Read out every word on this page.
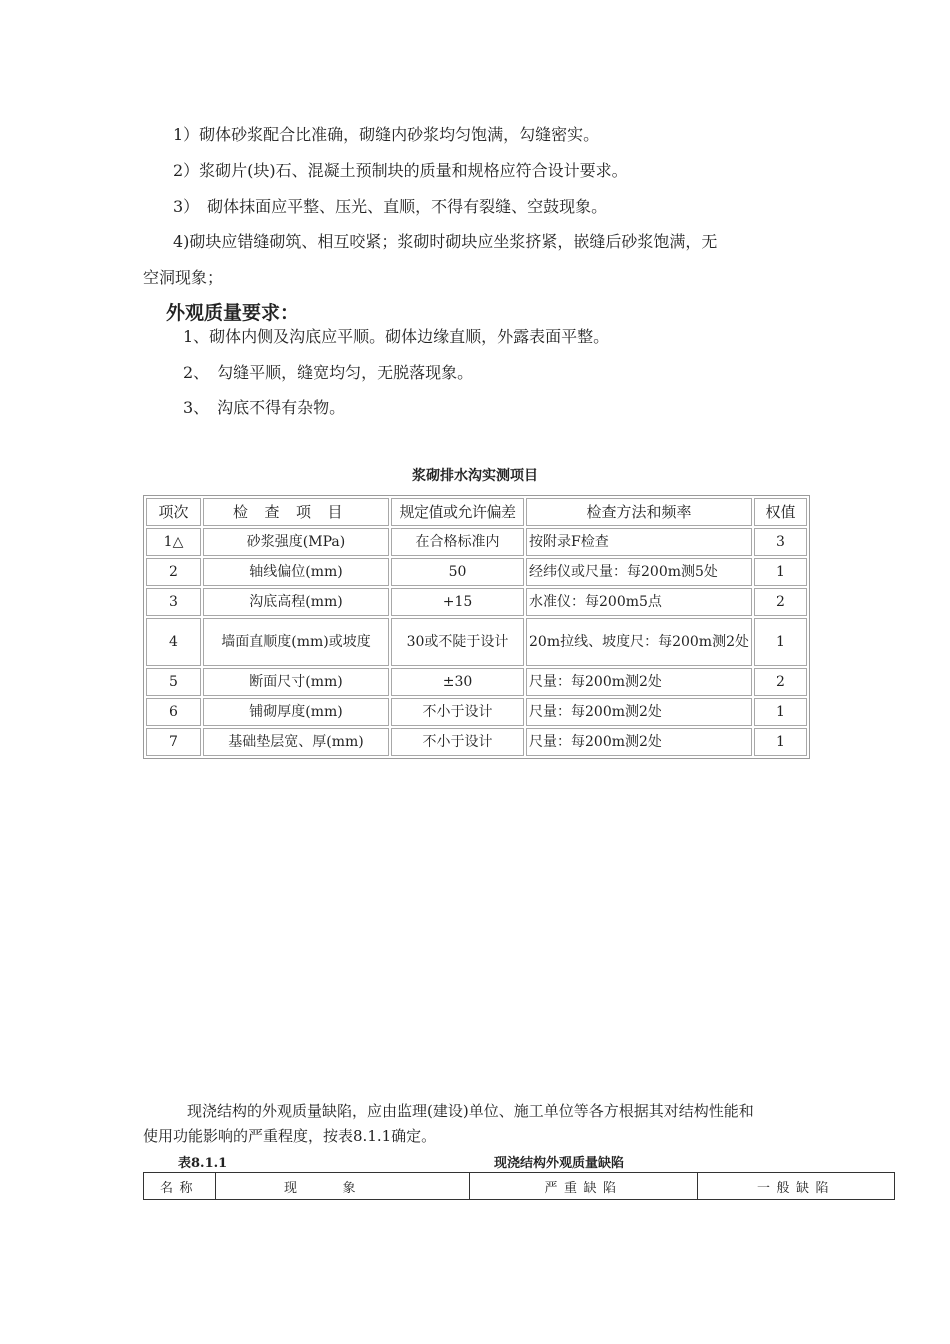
1）砌体砂浆配合比准确，砌缝内砂浆均匀饱满，勾缝密实。
2）浆砌片(块)石、混凝土预制块的质量和规格应符合设计要求。
3）　砌体抹面应平整、压光、直顺，不得有裂缝、空鼓现象。
4)砌块应错缝砌筑、相互咬紧；浆砌时砌块应坐浆挤紧，嵌缝后砂浆饱满，无
空洞现象；
外观质量要求：
1、砌体内侧及沟底应平顺。砌体边缘直顺，外露表面平整。
2、　勾缝平顺，缝宽均匀，无脱落现象。
3、　沟底不得有杂物。
浆砌排水沟实测项目
项次	检查项目	规定值或允许偏差	检查方法和频率	权值
1△	砂浆强度(MPa)	在合格标准内	按附录F检查	3
2	轴线偏位(mm)	50	经纬仪或尺量：每200m测5处	1
3	沟底高程(mm)	+15	水准仪：每200m5点	2
4	墙面直顺度(mm)或坡度	30或不陡于设计	20m拉线、坡度尺：每200m测2处	1
5	断面尺寸(mm)	±30	尺量：每200m测2处	2
6	铺砌厚度(mm)	不小于设计	尺量：每200m测2处	1
7	基础垫层宽、厚(mm)	不小于设计	尺量：每200m测2处	1
现浇结构的外观质量缺陷，应由监理(建设)单位、施工单位等各方根据其对结构性能和
使用功能影响的严重程度，按表8.1.1确定。
表8.1.1	现浇结构外观质量缺陷
名称	现象	严重缺陷	一般缺陷
